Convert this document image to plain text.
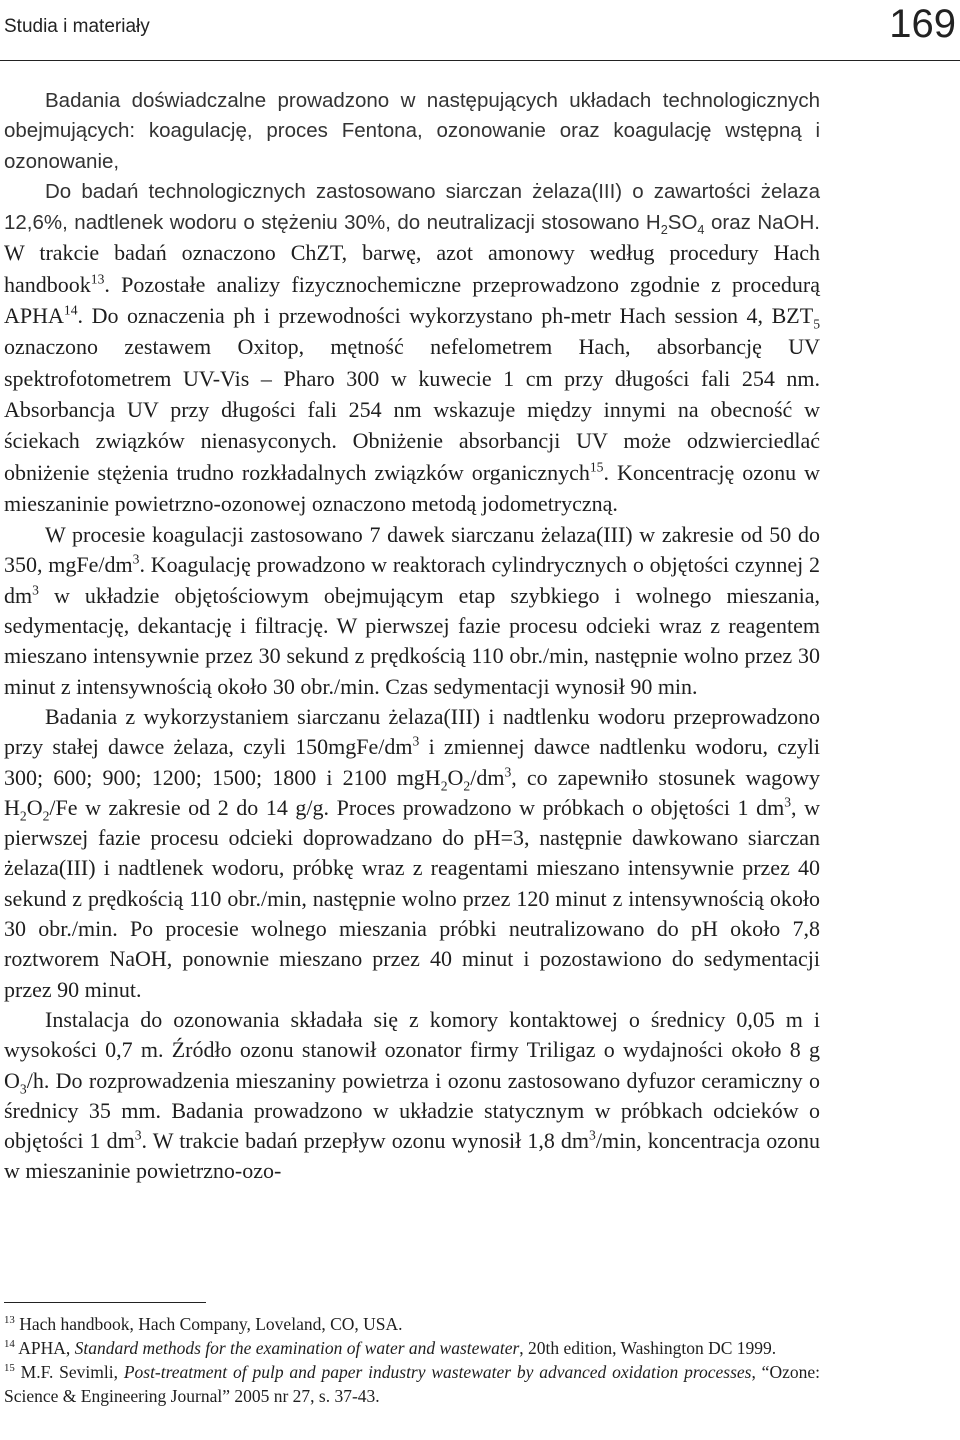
Studia i materiały	169

Badania doświadczalne prowadzono w następujących układach technologicznych obejmujących: koagulację, proces Fentona, ozonowanie oraz koagulację wstępną i ozonowanie,

Do badań technologicznych zastosowano siarczan żelaza(III) o zawartości żelaza 12,6%, nadtlenek wodoru o stężeniu 30%, do neutralizacji stosowano $H_2SO_4$ oraz NaOH. W trakcie badań oznaczono ChZT, barwę, azot amonowy według procedury Hach handbook$^{13}$. Pozostałe analizy fizycznochemiczne przeprowadzono zgodnie z procedurą APHA$^{14}$. Do oznaczenia ph i przewodności wykorzystano ph-metr Hach session 4, $BZT_5$ oznaczono zestawem Oxitop, mętność nefelometrem Hach, absorbancję UV spektrofotometrem UV-Vis – Pharo 300 w kuwecie 1 cm przy długości fali 254 nm. Absorbancja UV przy długości fali 254 nm wskazuje między innymi na obecność w ściekach związków nienasyconych. Obniżenie absorbancji UV może odzwierciedlać obniżenie stężenia trudno rozkładalnych związków organicznych$^{15}$. Koncentrację ozonu w mieszaninie powietrzno-ozonowej oznaczono metodą jodometryczną.

W procesie koagulacji zastosowano 7 dawek siarczanu żelaza(III) w zakresie od 50 do 350, mgFe/$dm^3$. Koagulację prowadzono w reaktorach cylindrycznych o objętości czynnej 2 $dm^3$ w układzie objętościowym obejmującym etap szybkiego i wolnego mieszania, sedymentację, dekantację i filtrację. W pierwszej fazie procesu odcieki wraz z reagentem mieszano intensywnie przez 30 sekund z prędkością 110 obr./min, następnie wolno przez 30 minut z intensywnością około 30 obr./min. Czas sedymentacji wynosił 90 min.

Badania z wykorzystaniem siarczanu żelaza(III) i nadtlenku wodoru przeprowadzono przy stałej dawce żelaza, czyli $150mgFe/dm^3$ i zmiennej dawce nadtlenku wodoru, czyli 300; 600; 900; 1200; 1500; 1800 i 2100 $mgH_2O_2/dm^3$, co zapewniło stosunek wagowy $H_2O_2/Fe$ w zakresie od 2 do 14 g/g. Proces prowadzono w próbkach o objętości 1 $dm^3$, w pierwszej fazie procesu odcieki doprowadzano do pH=3, następnie dawkowano siarczan żelaza(III) i nadtlenek wodoru, próbkę wraz z reagentami mieszano intensywnie przez 40 sekund z prędkością 110 obr./min, następnie wolno przez 120 minut z intensywnością około 30 obr./min. Po procesie wolnego mieszania próbki neutralizowano do pH około 7,8 roztworem NaOH, ponownie mieszano przez 40 minut i pozostawiono do sedymentacji przez 90 minut.

Instalacja do ozonowania składała się z komory kontaktowej o średnicy 0,05 m i wysokości 0,7 m. Źródło ozonu stanowił ozonator firmy Triligaz o wydajności około 8 g $O_3/h$. Do rozprowadzenia mieszaniny powietrza i ozonu zastosowano dyfuzor ceramiczny o średnicy 35 mm. Badania prowadzono w układzie statycznym w próbkach odcieków o objętości 1 $dm^3$. W trakcie badań przepływ ozonu wynosił 1,8 $dm^3/\min$, koncentracja ozonu w mieszaninie powietrzno-ozo-

$^{13}$ Hach handbook, Hach Company, Loveland, CO, USA.

$^{14}$ APHA, Standard methods for the examination of water and wastewater, 20th edition, Washington DC 1999.

$^{15}$ M.F. Sevimli, Post-treatment of pulp and paper industry wastewater by advanced oxidation processes, “Ozone: Science & Engineering Journal” 2005 nr 27, s. 37-43.
